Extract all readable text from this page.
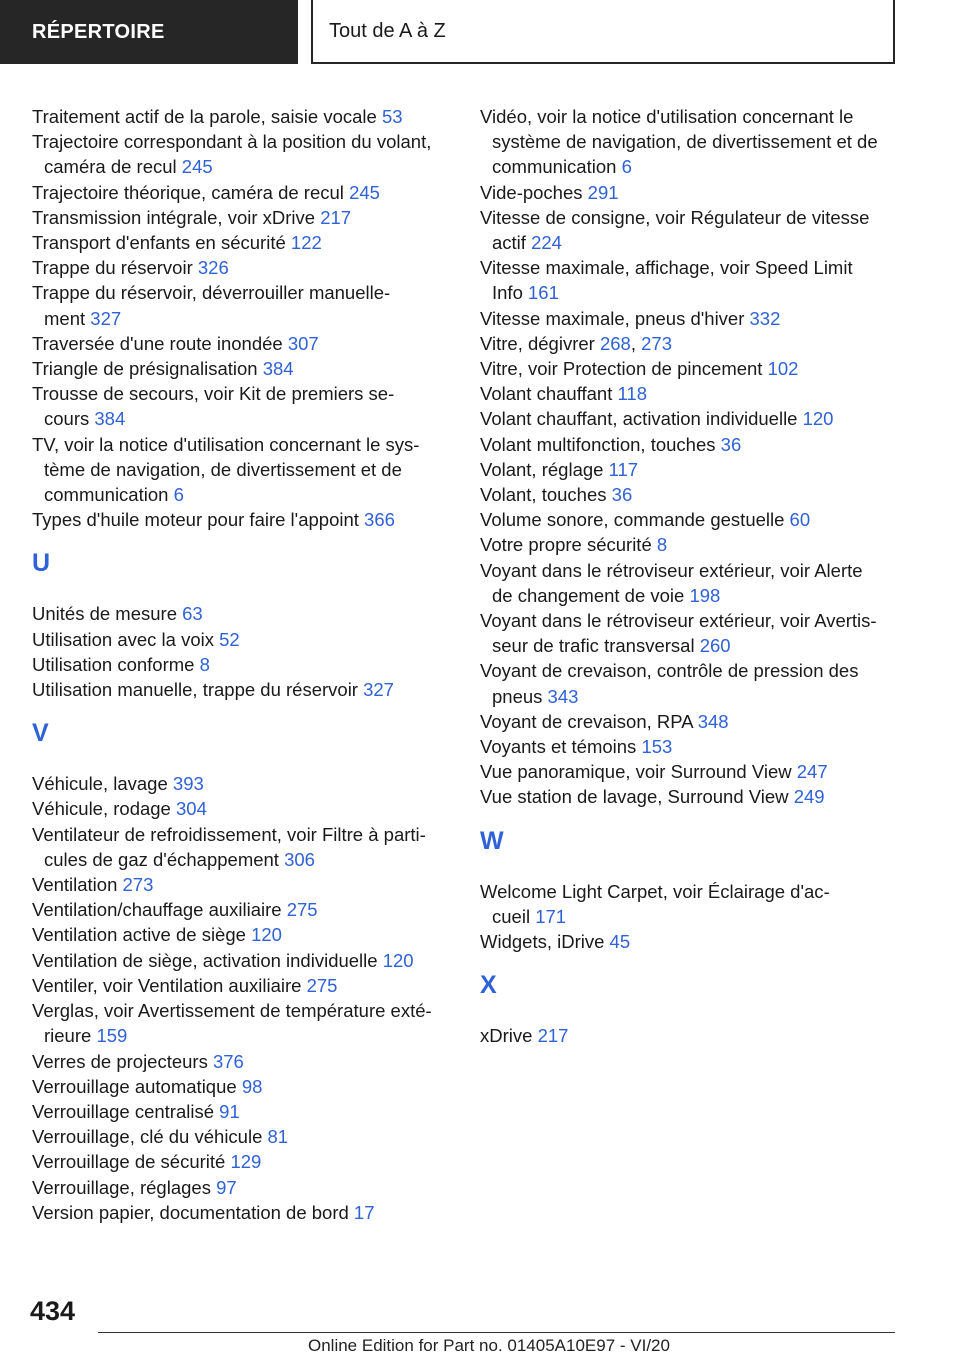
RÉPERTOIRE	Tout de A à Z
Traitement actif de la parole, saisie vocale 53
Trajectoire correspondant à la position du volant,
caméra de recul 245
Trajectoire théorique, caméra de recul 245
Transmission intégrale, voir xDrive 217
Transport d'enfants en sécurité 122
Trappe du réservoir 326
Trappe du réservoir, déverrouiller manuelle‐
ment 327
Traversée d'une route inondée 307
Triangle de présignalisation 384
Trousse de secours, voir Kit de premiers se‐
cours 384
TV, voir la notice d'utilisation concernant le sys‐
tème de navigation, de divertissement et de
communication 6
Types d'huile moteur pour faire l'appoint 366
U
Unités de mesure 63
Utilisation avec la voix 52
Utilisation conforme 8
Utilisation manuelle, trappe du réservoir 327
V
Véhicule, lavage 393
Véhicule, rodage 304
Ventilateur de refroidissement, voir Filtre à parti‐
cules de gaz d'échappement 306
Ventilation 273
Ventilation/chauffage auxiliaire 275
Ventilation active de siège 120
Ventilation de siège, activation individuelle 120
Ventiler, voir Ventilation auxiliaire 275
Verglas, voir Avertissement de température exté‐
rieure 159
Verres de projecteurs 376
Verrouillage automatique 98
Verrouillage centralisé 91
Verrouillage, clé du véhicule 81
Verrouillage de sécurité 129
Verrouillage, réglages 97
Version papier, documentation de bord 17
Vidéo, voir la notice d'utilisation concernant le
système de navigation, de divertissement et de
communication 6
Vide-poches 291
Vitesse de consigne, voir Régulateur de vitesse
actif 224
Vitesse maximale, affichage, voir Speed Limit
Info 161
Vitesse maximale, pneus d'hiver 332
Vitre, dégivrer 268, 273
Vitre, voir Protection de pincement 102
Volant chauffant 118
Volant chauffant, activation individuelle 120
Volant multifonction, touches 36
Volant, réglage 117
Volant, touches 36
Volume sonore, commande gestuelle 60
Votre propre sécurité 8
Voyant dans le rétroviseur extérieur, voir Alerte
de changement de voie 198
Voyant dans le rétroviseur extérieur, voir Avertis‐
seur de trafic transversal 260
Voyant de crevaison, contrôle de pression des
pneus 343
Voyant de crevaison, RPA 348
Voyants et témoins 153
Vue panoramique, voir Surround View 247
Vue station de lavage, Surround View 249
W
Welcome Light Carpet, voir Éclairage d'ac‐
cueil 171
Widgets, iDrive 45
X
xDrive 217
434
Online Edition for Part no. 01405A10E97 - VI/20
